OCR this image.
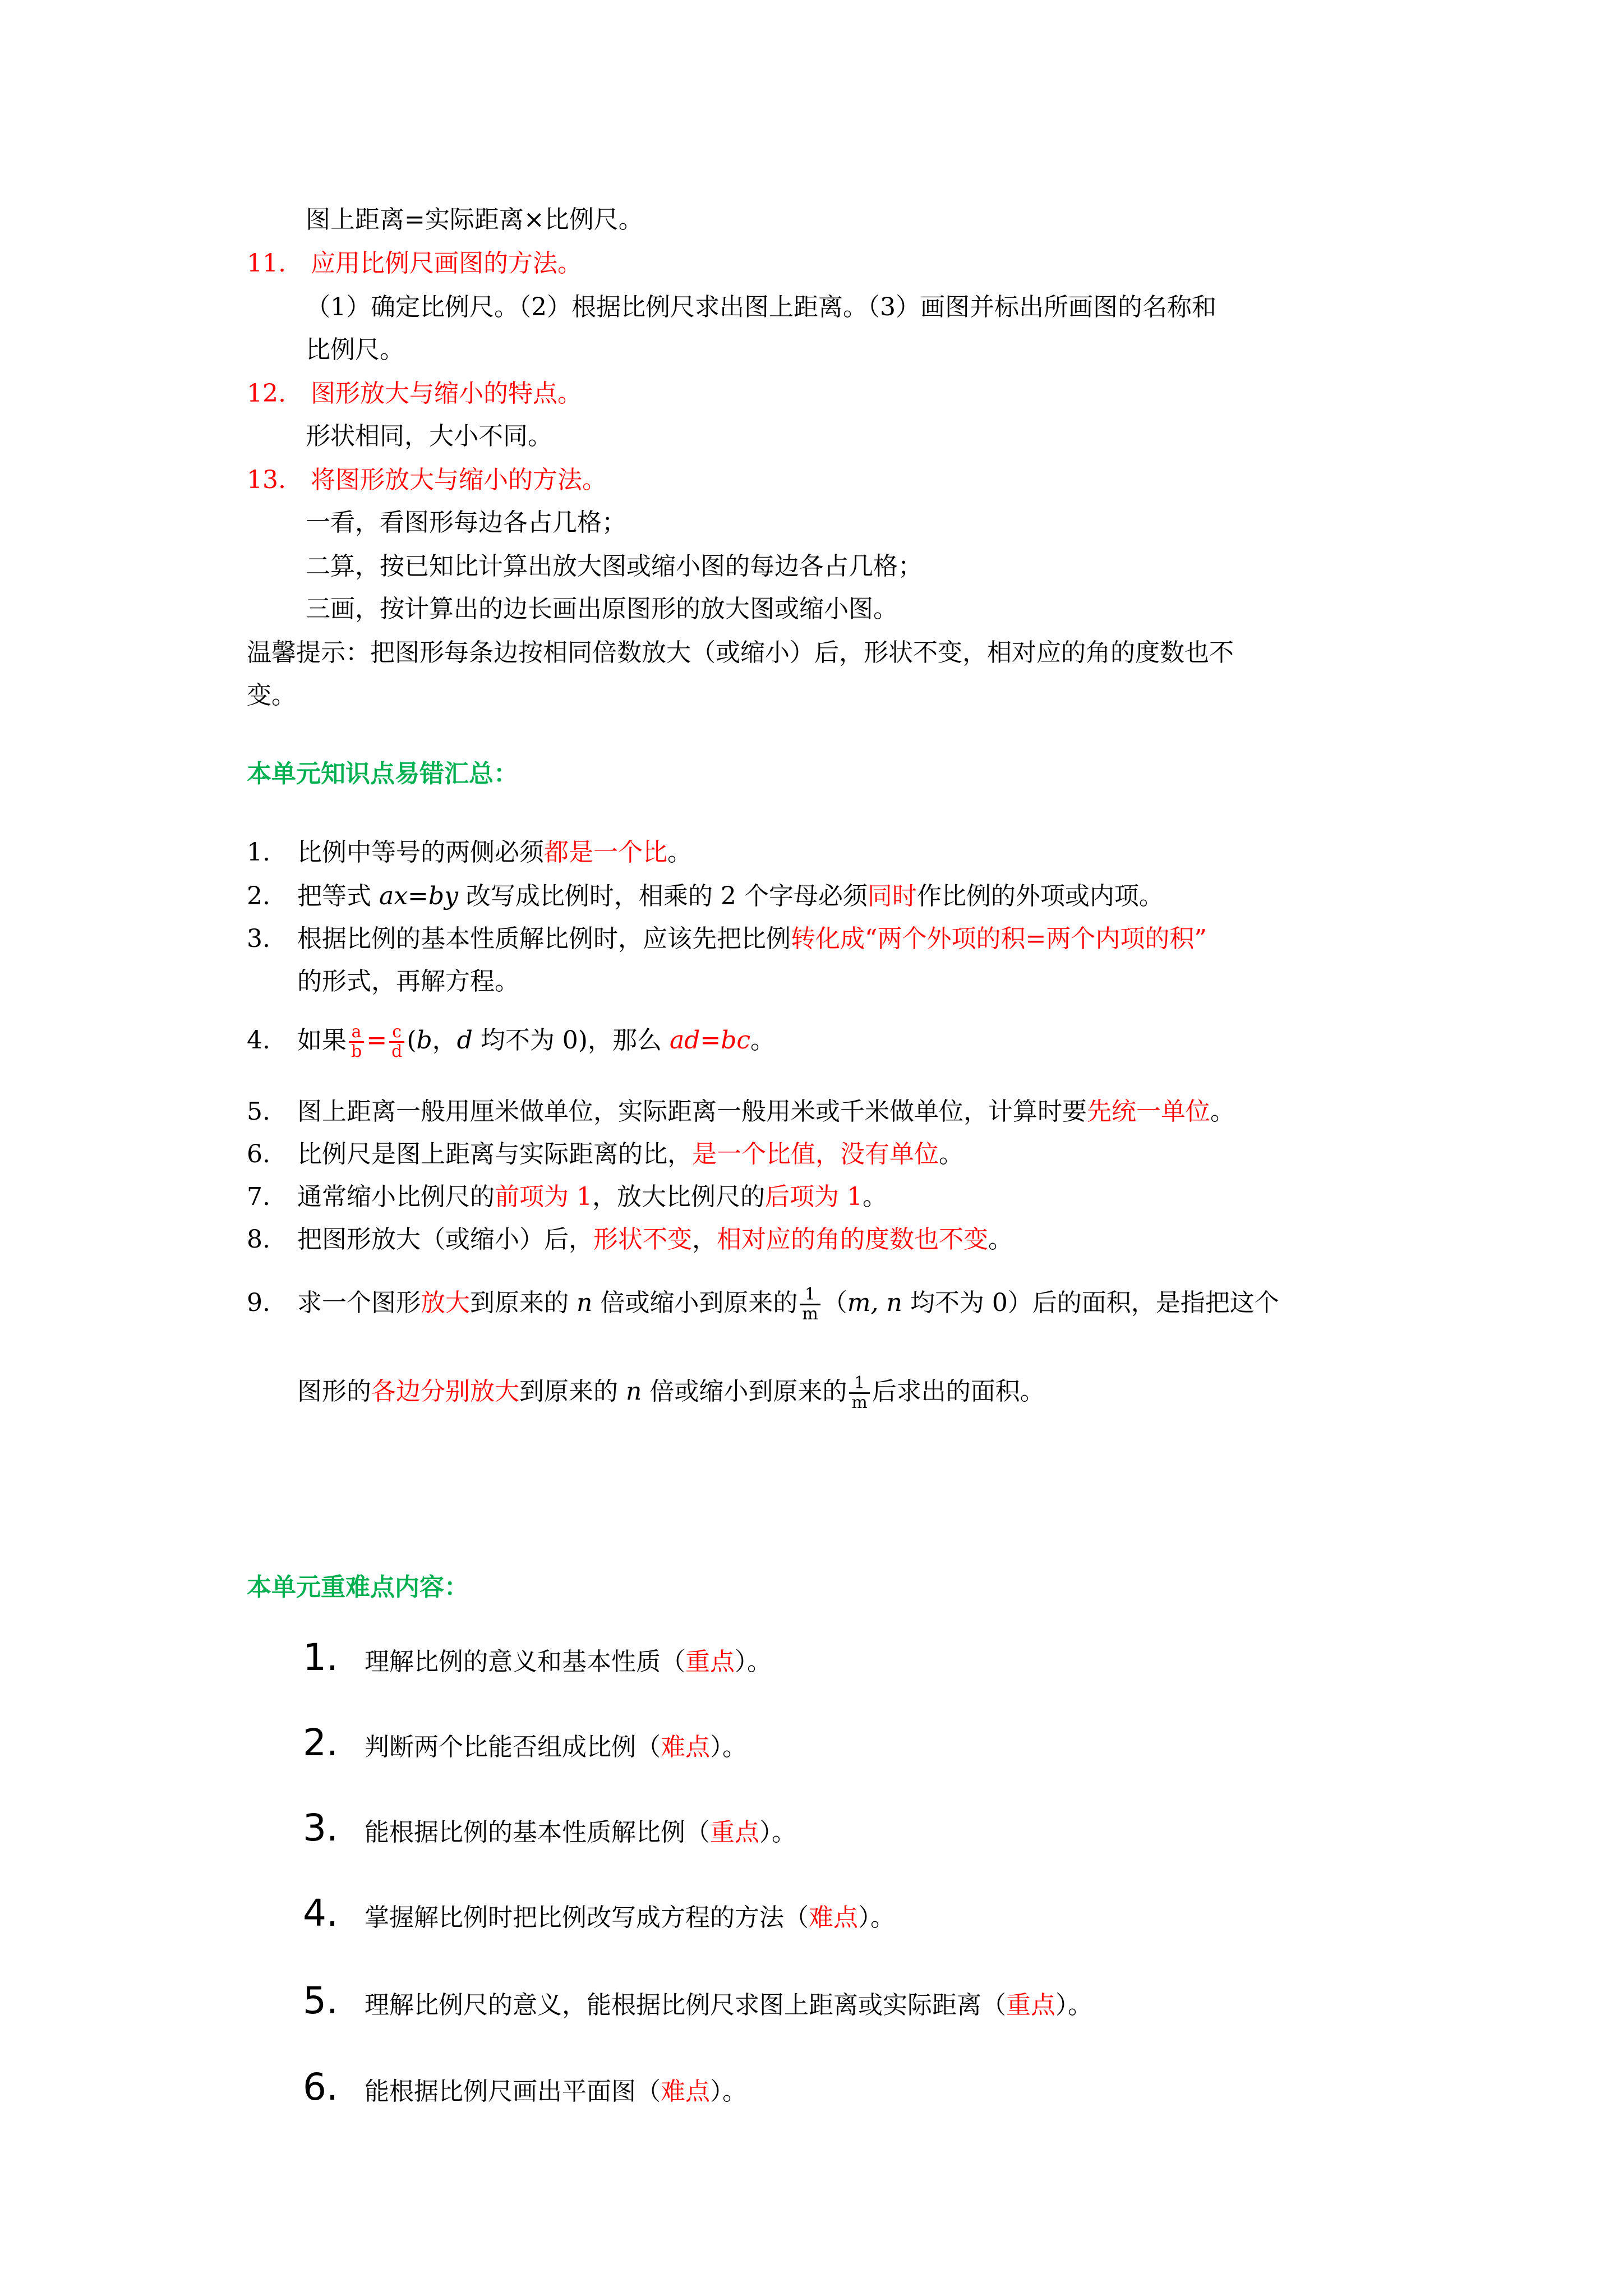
图上距离=实际距离×比例尺。
11. 应用比例尺画图的方法。
（1）确定比例尺。（2）根据比例尺求出图上距离。（3）画图并标出所画图的名称和
比例尺。
12. 图形放大与缩小的特点。
形状相同，大小不同。
13. 将图形放大与缩小的方法。
一看，看图形每边各占几格；
二算，按已知比计算出放大图或缩小图的每边各占几格；
三画，按计算出的边长画出原图形的放大图或缩小图。
温馨提示：把图形每条边按相同倍数放大（或缩小）后，形状不变，相对应的角的度数也不
变。
本单元知识点易错汇总：
1. 比例中等号的两侧必须都是一个比。
2. 把等式 ax=by 改写成比例时，相乘的 2 个字母必须同时作比例的外项或内项。
3. 根据比例的基本性质解比例时，应该先把比例转化成“两个外项的积=两个内项的积”
的形式，再解方程。
4. 如果 $\frac{a}{b} = \frac{c}{d} (b$，d 均不为 0)，那么 ad=bc。
5. 图上距离一般用厘米做单位，实际距离一般用米或千米做单位，计算时要先统一单位。
6. 比例尺是图上距离与实际距离的比，是一个比值，没有单位。
7. 通常缩小比例尺的前项为 1，放大比例尺的后项为 1。
8. 把图形放大（或缩小）后，形状不变，相对应的角的度数也不变。
9. 求一个图形放大到原来的 n 倍或缩小到原来的 $\frac{1}{m} (m$, n 均不为 0）后的面积，是指把这个
图形的各边分别放大到原来的 n 倍或缩小到原来的 $\frac{1}{m}$ 后求出的面积。
本单元重难点内容：
1. 理解比例的意义和基本性质（重点）。
2. 判断两个比能否组成比例（难点）。
3. 能根据比例的基本性质解比例（重点）。
4. 掌握解比例时把比例改写成方程的方法（难点）。
5. 理解比例尺的意义，能根据比例尺求图上距离或实际距离（重点）。
6. 能根据比例尺画出平面图（难点）。
